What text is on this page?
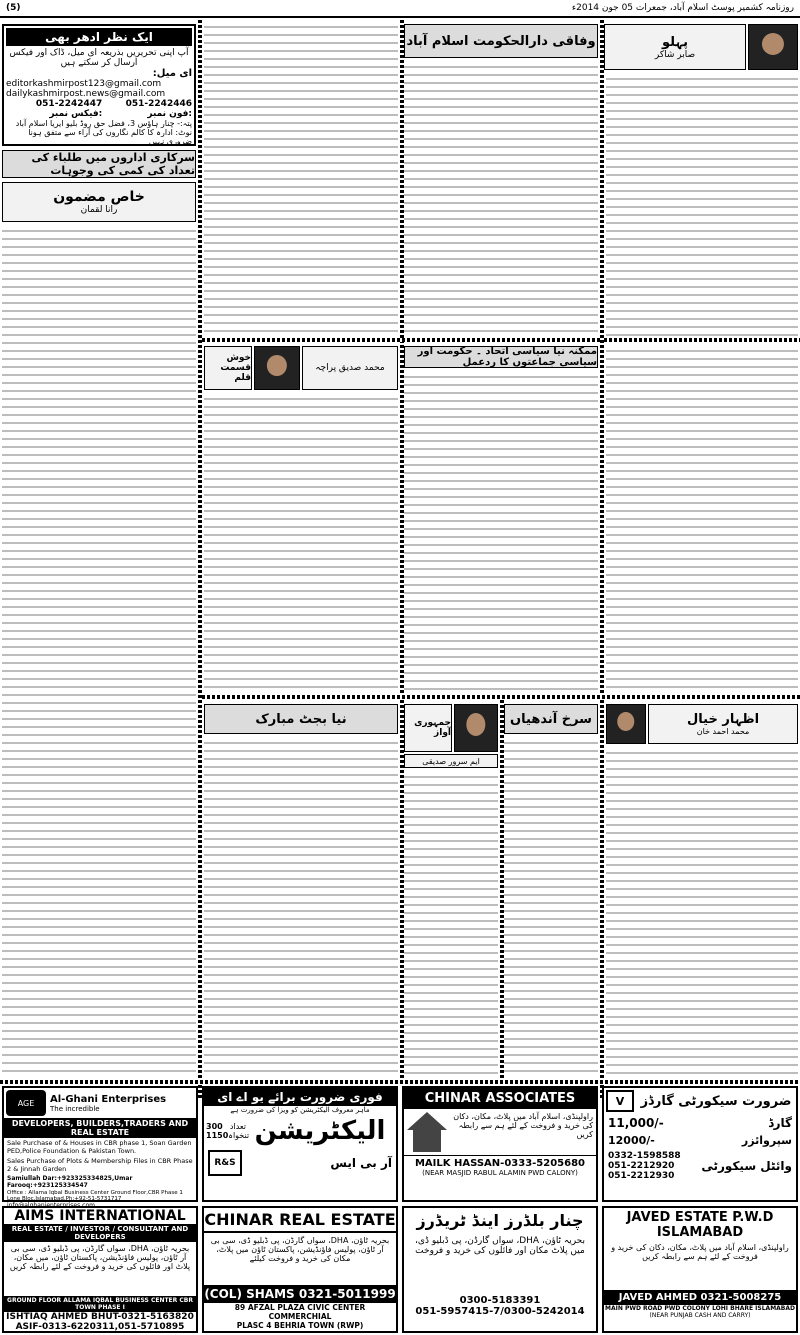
(5)	روزنامہ کشمیر پوسٹ اسلام آباد، جمعرات 05 جون 2014ء
ایک نظر ادھر بھی
آپ اپنی تحریریں بذریعہ ای میل، ڈاک اور فیکس ارسال کر سکتے ہیں
ای میل:
editorkashmirpost123@gmail.com
dailykashmirpost.news@gmail.com
051-2242447 :فیکس نمبر
051-2242446 :فون نمبر
پتہ:- چنار ہاؤس 3، فضل حق روڈ بلیو ایریا اسلام آباد
نوٹ: ادارہ کا کالم نگاروں کی آراء سے متفق ہونا ضروری نہیں
سرکاری اداروں میں طلباء کی تعداد کی کمی کی وجوہات
خاص مضمون
رانا لقمان
وفاقی دارالحکومت اسلام آباد	پہلو
صابر شاکر
خوش قسمت قلم
محمد صدیق پراچہ
ممکنہ نیا سیاسی اتحاد ۔ حکومت اور سیاسی جماعتوں کا ردعمل
نیا بجٹ مبارک	جمہوری آواز
ایم سرور صدیقی
سرخ آندھیاں	اظہار خیال
محمد احمد خان
AGE Al-Ghani Enterprises
The incredible
DEVELOPERS, BUILDERS,TRADERS AND REAL ESTATE
Sale Purchase of & Houses in CBR phase 1, Soan Garden PED,Police Foundation & Pakistan Town.
Sales Purchase of Plots & Membership Files in CBR Phase 2 & Jinnah Garden
Samiullah Dar:+923325334825,Umar Farooq:+923125334547
Office : Allama Iqbal Business Center Ground Floor,CBR Phase 1 Lone Bloc,Islamabad.Ph:+92-51-5731717
فوری ضرورت برائے یو اے ای
ماہر معروف الیکٹریشن کو ویزا کی ضرورت ہے
300 تعداد
1150 تنخواہ الیکٹریشن
R&S	آر بی ایس
CHINAR ASSOCIATES
راولپنڈی، اسلام آباد میں پلاٹ، مکان، دکان کی خرید و فروخت کے لئے ہم سے رابطہ کریں
MAILK HASSAN-0333-5205680
(NEAR MASJID RABUL ALAMIN PWD CALONY)
V	ضرورت سیکورٹی گارڈز
11,000/-	گارڈ
12000/-	سپروائزر
0332-1598588
051-2212920
051-2212930
وائٹل سیکورٹی
AIMS INTERNATIONAL
REAL ESTATE / INVESTOR / CONSULTANT AND DEVELOPERS
بحریہ ٹاؤن، DHA، سواں گارڈن، پی ڈبلیو ڈی، سی بی آر ٹاؤن، پولیس فاؤنڈیشن، پاکستان ٹاؤن، میں مکان، پلاٹ اور فائلوں کی خرید و فروخت کے لئے رابطہ کریں
GROUND FLOOR ALLAMA IQBAL BUSINESS CENTER CBR TOWN PHASE I
ISHTIAQ AHMED BHUT-0321-5163820
ASIF-0313-6220311,051-5710895
CHINAR REAL ESTATE
بحریہ ٹاؤن، DHA، سواں گارڈن، پی ڈبلیو ڈی، سی بی آر ٹاؤن، پولیس فاؤنڈیشن، پاکستان ٹاؤن میں پلاٹ، مکان کی خرید و فروخت کیلئے
(COL) SHAMS 0321-5011999
89 AFZAL PLAZA CIVIC CENTER COMMERCHIAL
PLASC 4 BEHRIA TOWN (RWP)
چنار بلڈرز اینڈ ٹریڈرز
بحریہ ٹاؤن، DHA، سواں گارڈن، پی ڈبلیو ڈی، میں پلاٹ مکان اور فائلوں کی خرید و فروخت
0300-5183391
051-5957415-7/0300-5242014
JAVED ESTATE P.W.D
ISLAMABAD
راولپنڈی، اسلام آباد میں پلاٹ، مکان، دکان کی خرید و فروخت کے لئے ہم سے رابطہ کریں
JAVED AHMED 0321-5008275
MAIN PWD ROAD PWD COLONY LOHI BHARE ISLAMABAD
(NEAR PUNJAB CASH AND CARRY)
